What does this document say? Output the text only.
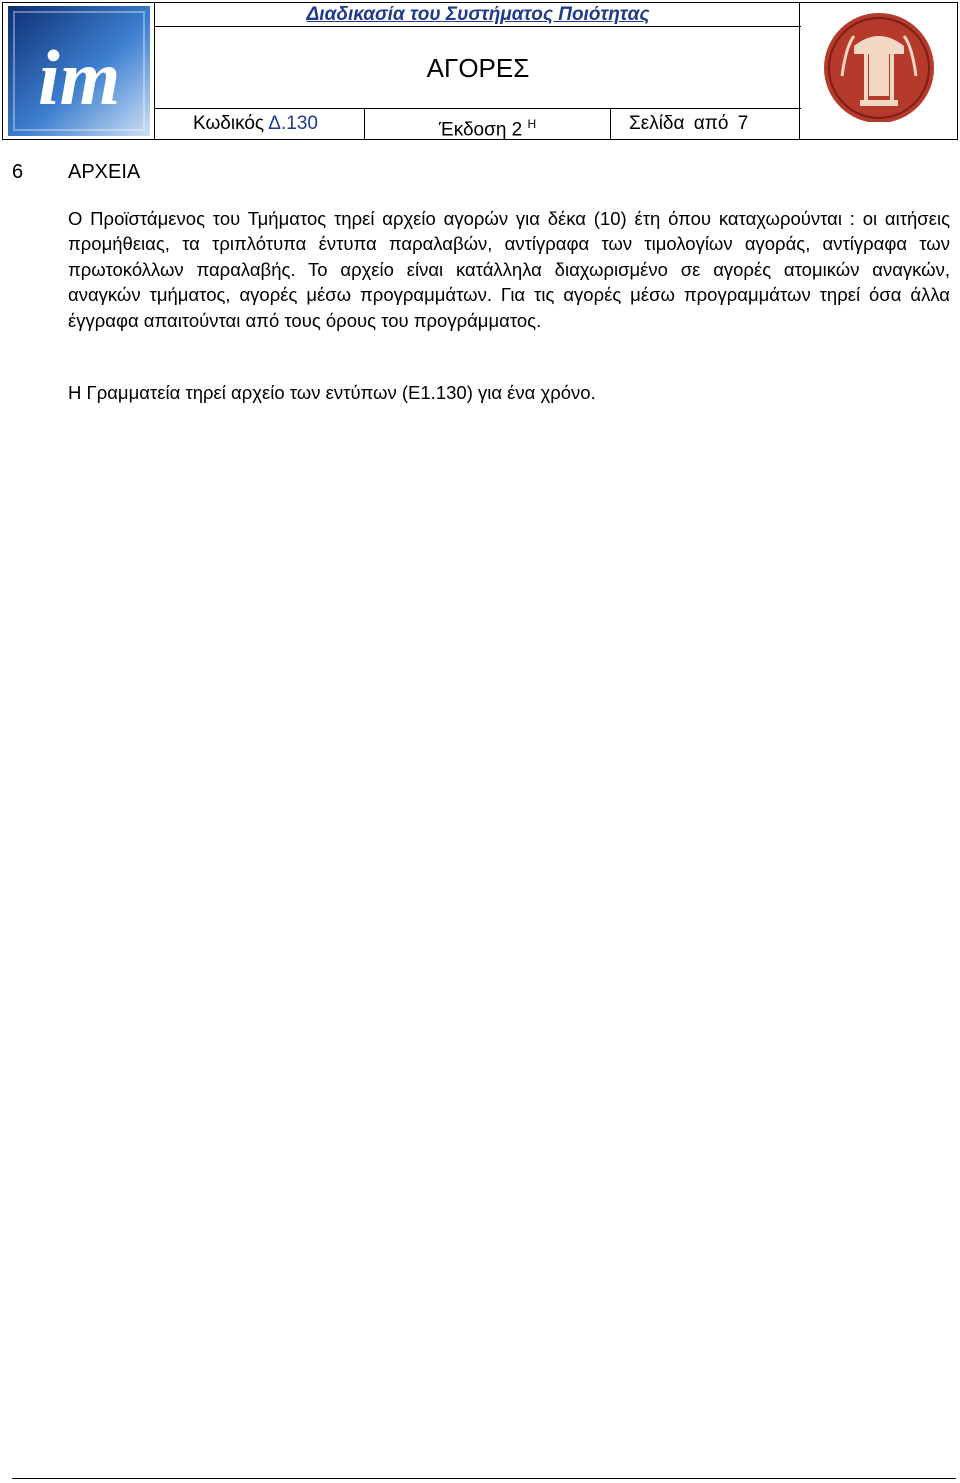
im
Διαδικασία του Συστήματος Ποιότητας
ΑΓΟΡΕΣ
Κωδικός Δ.130	Έκδοση 2 $^H$	Σελίδα από 7
6 ΑΡΧΕΙΑ
Ο Προϊστάμενος του Τμήματος τηρεί αρχείο αγορών για δέκα (10) έτη όπου καταχωρούνται : οι αιτήσεις προμήθειας, τα τριπλότυπα έντυπα παραλαβών, αντίγραφα των τιμολογίων αγοράς, αντίγραφα των πρωτοκόλλων παραλαβής. Το αρχείο είναι κατάλληλα διαχωρισμένο σε αγορές ατομικών αναγκών, αναγκών τμήματος, αγορές μέσω προγραμμάτων. Για τις αγορές μέσω προγραμμάτων τηρεί όσα άλλα έγγραφα απαιτούνται από τους όρους του προγράμματος.
Η Γραμματεία τηρεί αρχείο των εντύπων (Ε1.130) για ένα χρόνο.
